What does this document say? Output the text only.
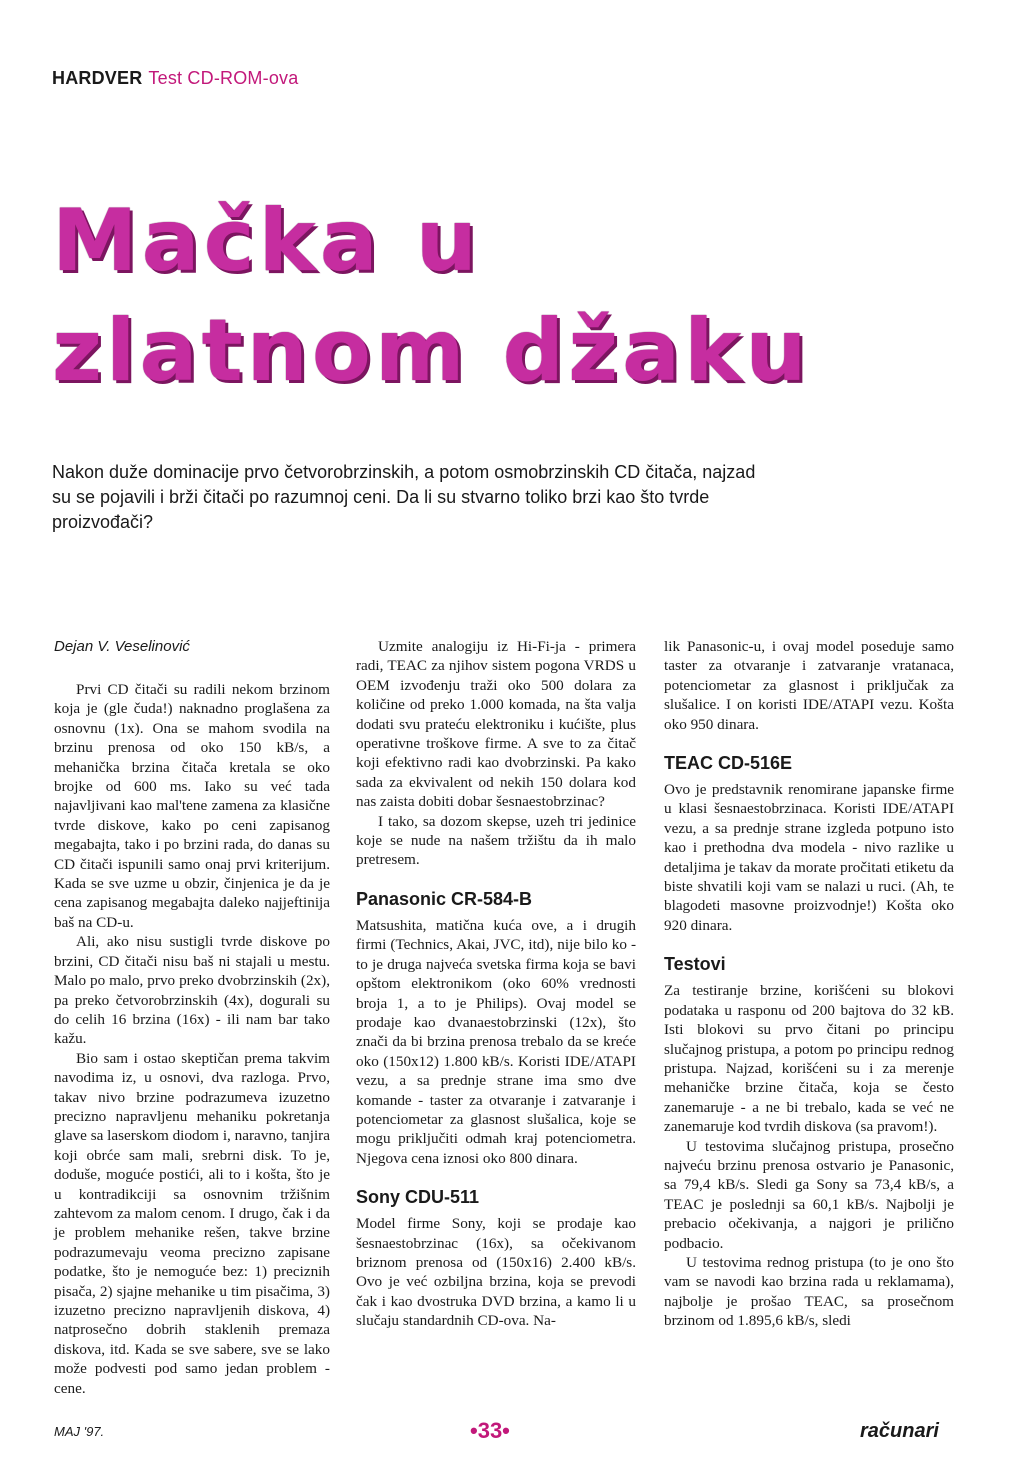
HARDVER Test CD-ROM-ova
Mačka u
zlatnom džaku
Nakon duže dominacije prvo četvorobrzinskih, a potom osmobrzinskih CD čitača, najzad su se pojavili i brži čitači po razumnoj ceni. Da li su stvarno toliko brzi kao što tvrde proizvođači?
Dejan V. Veselinović

Prvi CD čitači su radili nekom brzinom koja je (gle čuda!) naknadno proglašena za osnovnu (1x). Ona se mahom svodila na brzinu prenosa od oko 150 kB/s, a mehanička brzina čitača kretala se oko brojke od 600 ms. Iako su već tada najavljivani kao mal'tene zamena za klasične tvrde diskove, kako po ceni zapisanog megabajta, tako i po brzini rada, do danas su CD čitači ispunili samo onaj prvi kriterijum. Kada se sve uzme u obzir, činjenica je da je cena zapisanog megabajta daleko najjeftinija baš na CD-u.

Ali, ako nisu sustigli tvrde diskove po brzini, CD čitači nisu baš ni stajali u mestu. Malo po malo, prvo preko dvobrzinskih (2x), pa preko četvorobrzinskih (4x), dogurali su do celih 16 brzina (16x) - ili nam bar tako kažu.

Bio sam i ostao skeptičan prema takvim navodima iz, u osnovi, dva razloga. Prvo, takav nivo brzine podrazumeva izuzetno precizno napravljenu mehaniku pokretanja glave sa laserskom diodom i, naravno, tanjira koji obrće sam mali, srebrni disk. To je, doduše, moguće postići, ali to i košta, što je u kontradikciji sa osnovnim tržišnim zahtevom za malom cenom. I drugo, čak i da je problem mehanike rešen, takve brzine podrazumevaju veoma precizno zapisane podatke, što je nemoguće bez: 1) preciznih pisača, 2) sjajne mehanike u tim pisačima, 3) izuzetno precizno napravljenih diskova, 4) natprosečno dobrih staklenih premaza diskova, itd. Kada se sve sabere, sve se lako može podvesti pod samo jedan problem - cene.

Uzmite analogiju iz Hi-Fi-ja - primera radi, TEAC za njihov sistem pogona VRDS u OEM izvođenju traži oko 500 dolara za količine od preko 1.000 komada, na šta valja dodati svu prateću elektroniku i kućište, plus operativne troškove firme. A sve to za čitač koji efektivno radi kao dvobrzinski. Pa kako sada za ekvivalent od nekih 150 dolara kod nas zaista dobiti dobar šesnaestobrzinac?

I tako, sa dozom skepse, uzeh tri jedinice koje se nude na našem tržištu da ih malo pretresem.

Panasonic CR-584-B

Matsushita, matična kuća ove, a i drugih firmi (Technics, Akai, JVC, itd), nije bilo ko - to je druga najveća svetska firma koja se bavi opštom elektronikom (oko 60% vrednosti broja 1, a to je Philips). Ovaj model se prodaje kao dvanaestobrzinski (12x), što znači da bi brzina prenosa trebalo da se kreće oko (150x12) 1.800 kB/s. Koristi IDE/ATAPI vezu, a sa prednje strane ima smo dve komande - taster za otvaranje i zatvaranje i potenciometar za glasnost slušalica, koje se mogu priključiti odmah kraj potenciometra. Njegova cena iznosi oko 800 dinara.

Sony CDU-511

Model firme Sony, koji se prodaje kao šesnaestobrzinac (16x), sa očekivanom briznom prenosa od (150x16) 2.400 kB/s. Ovo je već ozbiljna brzina, koja se prevodi čak i kao dvostruka DVD brzina, a kamo li u slučaju standardnih CD-ova. Na-

lik Panasonic-u, i ovaj model poseduje samo taster za otvaranje i zatvaranje vratanaca, potenciometar za glasnost i priključak za slušalice. I on koristi IDE/ATAPI vezu. Košta oko 950 dinara.

TEAC CD-516E

Ovo je predstavnik renomirane japanske firme u klasi šesnaestobrzinaca. Koristi IDE/ATAPI vezu, a sa prednje strane izgleda potpuno isto kao i prethodna dva modela - nivo razlike u detaljima je takav da morate pročitati etiketu da biste shvatili koji vam se nalazi u ruci. (Ah, te blagodeti masovne proizvodnje!) Košta oko 920 dinara.

Testovi

Za testiranje brzine, korišćeni su blokovi podataka u rasponu od 200 bajtova do 32 kB. Isti blokovi su prvo čitani po principu slučajnog pristupa, a potom po principu rednog pristupa. Najzad, korišćeni su i za merenje mehaničke brzine čitača, koja se često zanemaruje - a ne bi trebalo, kada se već ne zanemaruje kod tvrdih diskova (sa pravom!).

U testovima slučajnog pristupa, prosečno najveću brzinu prenosa ostvario je Panasonic, sa 79,4 kB/s. Sledi ga Sony sa 73,4 kB/s, a TEAC je poslednji sa 60,1 kB/s. Najbolji je prebacio očekivanja, a najgori je prilično podbacio.

U testovima rednog pristupa (to je ono što vam se navodi kao brzina rada u reklamama), najbolje je prošao TEAC, sa prosečnom brzinom od 1.895,6 kB/s, sledi

MAJ '97.	•33•	računari
